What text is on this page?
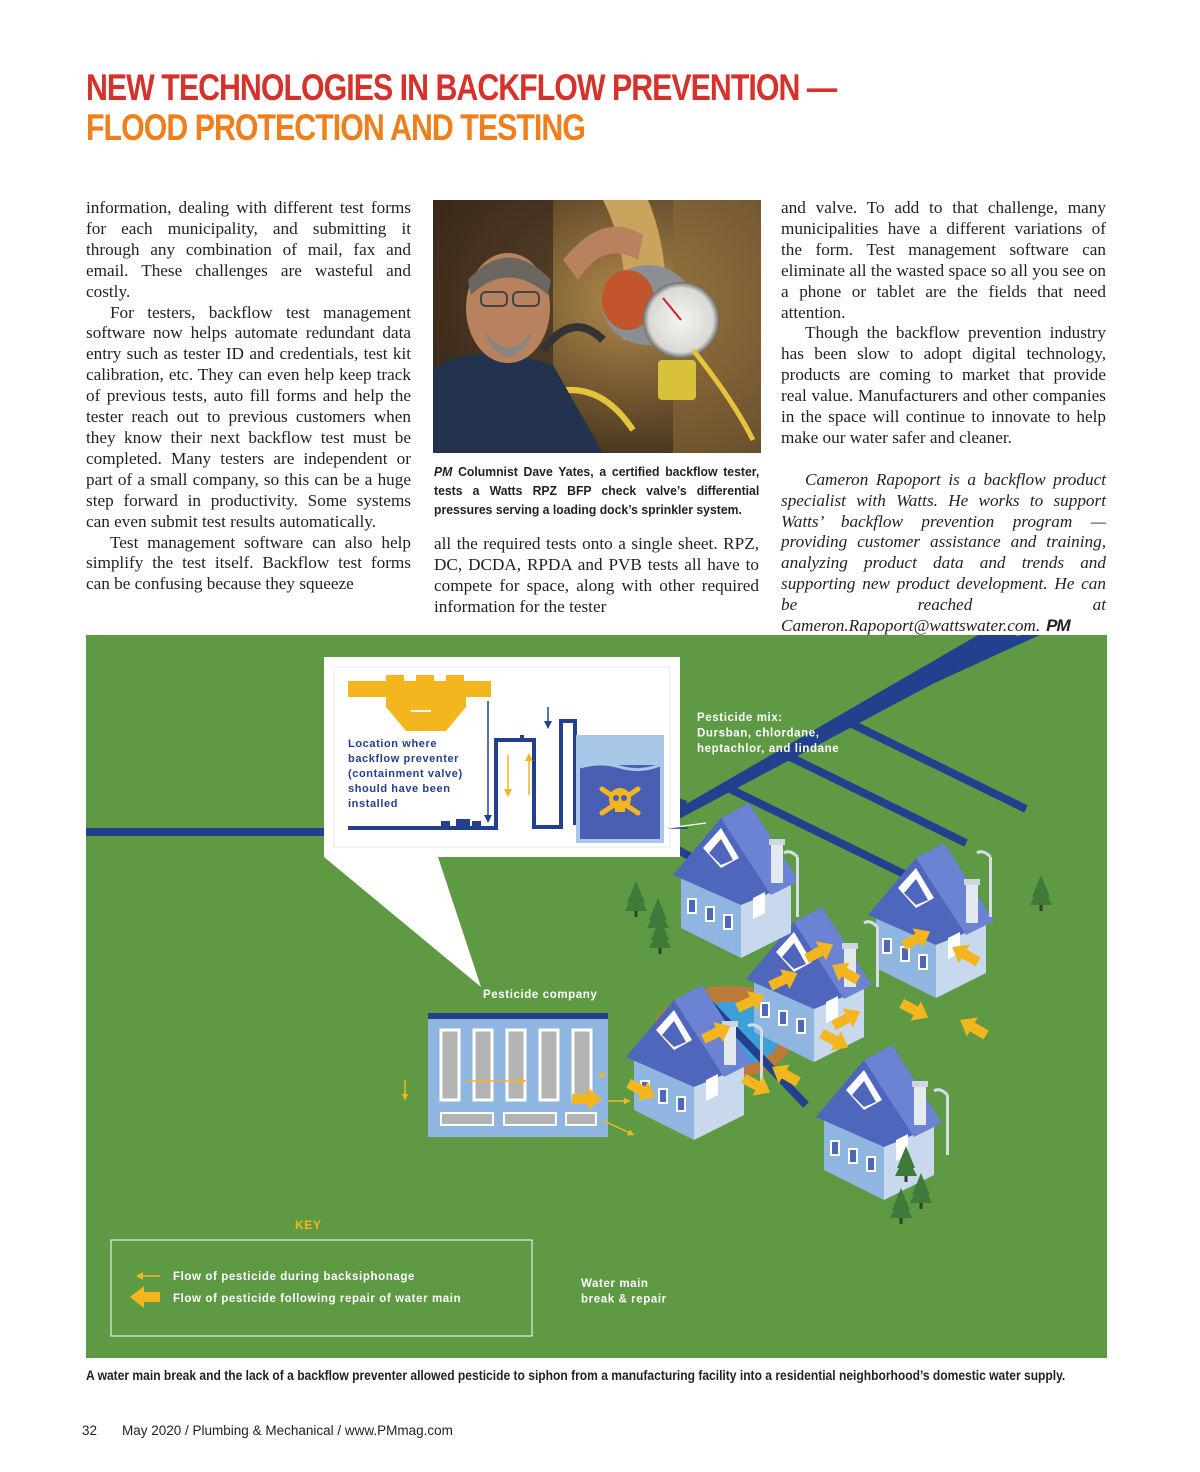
NEW TECHNOLOGIES IN BACKFLOW PREVENTION —
FLOOD PROTECTION AND TESTING

information, dealing with different test forms for each municipality, and submitting it through any combination of mail, fax and email. These challenges are wasteful and costly.

For testers, backflow test management software now helps automate redundant data entry such as tester ID and credentials, test kit calibration, etc. They can even help keep track of previous tests, auto fill forms and help the tester reach out to previous customers when they know their next backflow test must be completed. Many testers are independent or part of a small company, so this can be a huge step forward in productivity. Some systems can even submit test results automatically.

Test management software can also help simplify the test itself. Backflow test forms can be confusing because they squeeze

PM Columnist Dave Yates, a certified backflow tester, tests a Watts RPZ BFP check valve’s differential pressures serving a loading dock’s sprinkler system.

all the required tests onto a single sheet. RPZ, DC, DCDA, RPDA and PVB tests all have to compete for space, along with other required information for the tester

and valve. To add to that challenge, many municipalities have a different variations of the form. Test management software can eliminate all the wasted space so all you see on a phone or tablet are the fields that need attention.

Though the backflow prevention industry has been slow to adopt digital technology, products are coming to market that provide real value. Manufacturers and other companies in the space will continue to innovate to help make our water safer and cleaner.

Cameron Rapoport is a backflow product specialist with Watts. He works to support Watts’ backflow prevention program — providing customer assistance and training, analyzing product data and trends and supporting new product development. He can be reached at Cameron.Rapoport@wattswater.com. PM

Location where
backflow preventer
(containment valve)
should have been
installed
Pesticide mix:
Dursban, chlordane,
heptachlor, and lindane
Pesticide company
Water main
break & repair
KEY
Flow of pesticide during backsiphonage
Flow of pesticide following repair of water main
A water main break and the lack of a backflow preventer allowed pesticide to siphon from a manufacturing facility into a residential neighborhood’s domestic water supply.
32 May 2020 / Plumbing & Mechanical / www.PMmag.com
